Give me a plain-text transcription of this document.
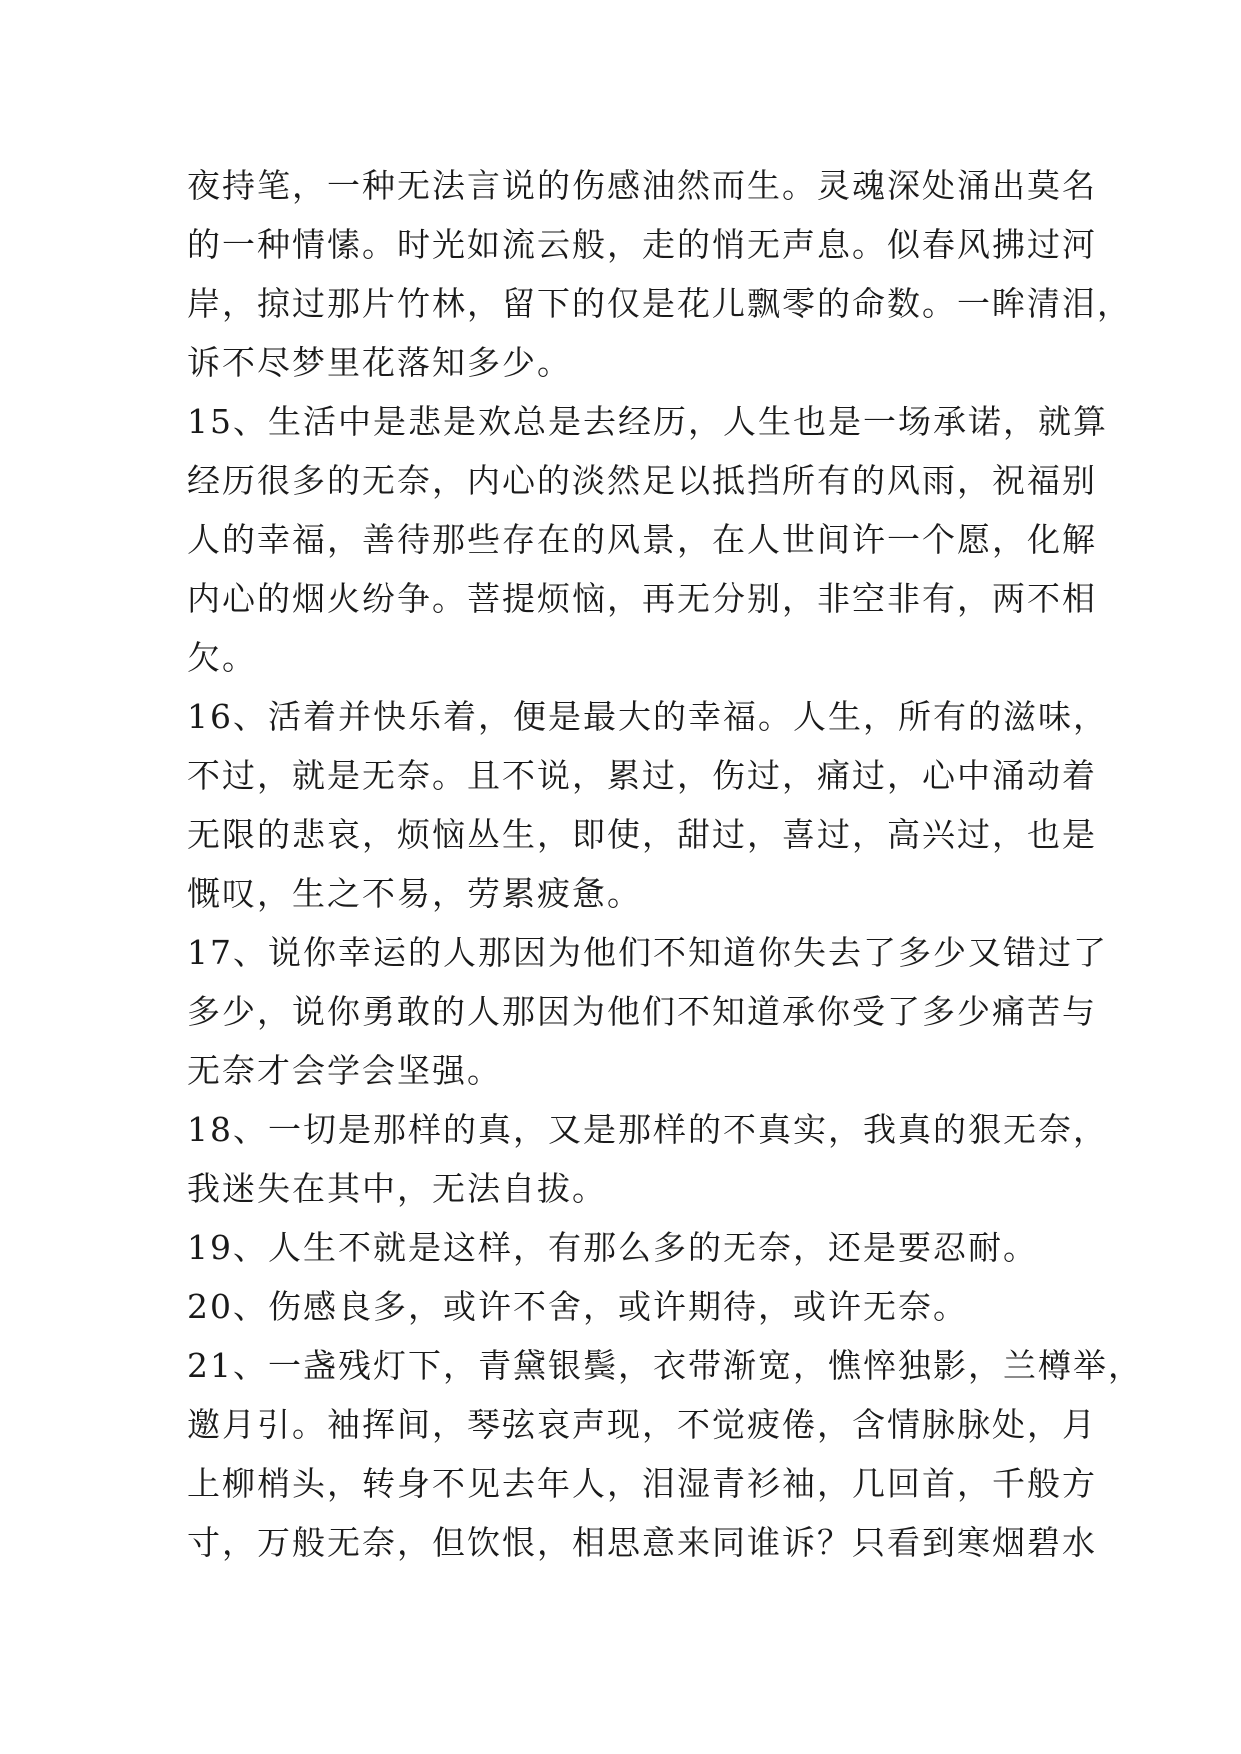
夜持笔，一种无法言说的伤感油然而生。灵魂深处涌出莫名
的一种情愫。时光如流云般，走的悄无声息。似春风拂过河
岸，掠过那片竹林，留下的仅是花儿飘零的命数。一眸清泪，
诉不尽梦里花落知多少。
15、生活中是悲是欢总是去经历，人生也是一场承诺，就算
经历很多的无奈，内心的淡然足以抵挡所有的风雨，祝福别
人的幸福，善待那些存在的风景，在人世间许一个愿，化解
内心的烟火纷争。菩提烦恼，再无分别，非空非有，两不相
欠。
16、活着并快乐着，便是最大的幸福。人生，所有的滋味，
不过，就是无奈。且不说，累过，伤过，痛过，心中涌动着
无限的悲哀，烦恼丛生，即使，甜过，喜过，高兴过，也是
慨叹，生之不易，劳累疲惫。
17、说你幸运的人那因为他们不知道你失去了多少又错过了
多少，说你勇敢的人那因为他们不知道承你受了多少痛苦与
无奈才会学会坚强。
18、一切是那样的真，又是那样的不真实，我真的狠无奈，
我迷失在其中，无法自拔。
19、人生不就是这样，有那么多的无奈，还是要忍耐。
20、伤感良多，或许不舍，或许期待，或许无奈。
21、一盏残灯下，青黛银鬓，衣带渐宽，憔悴独影，兰樽举，
邀月引。袖挥间，琴弦哀声现，不觉疲倦，含情脉脉处，月
上柳梢头，转身不见去年人，泪湿青衫袖，几回首，千般方
寸，万般无奈，但饮恨，相思意来同谁诉？只看到寒烟碧水
